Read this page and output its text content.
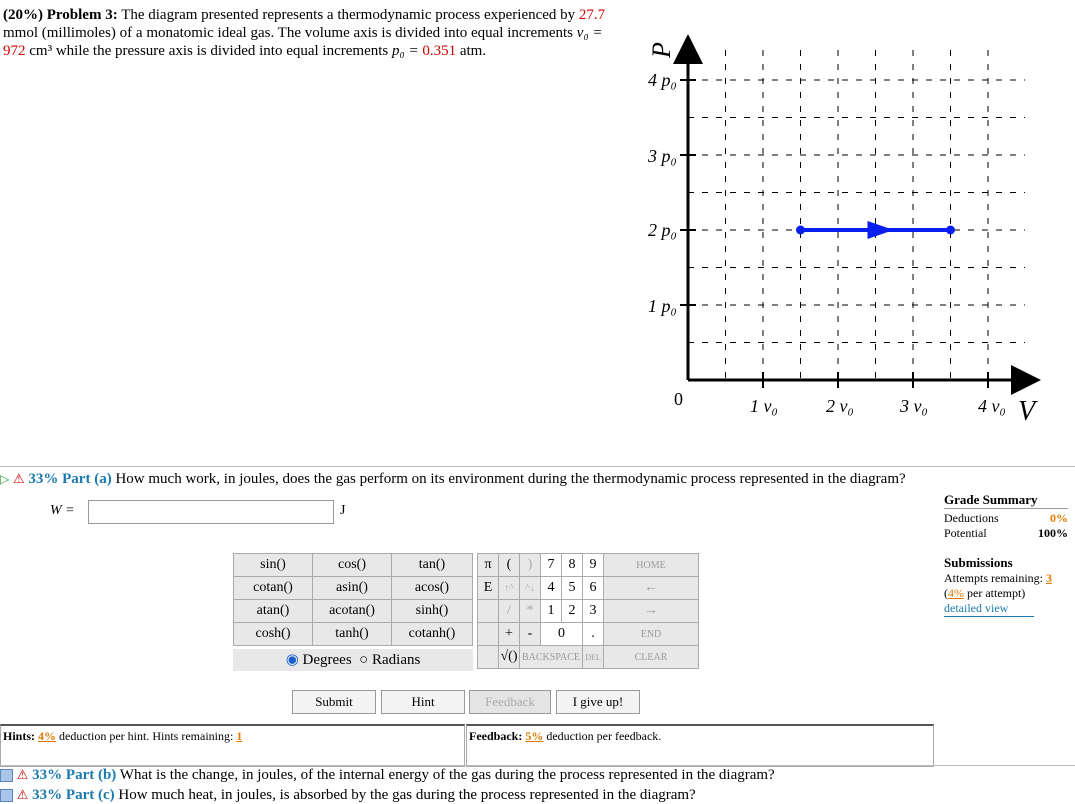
(20%) Problem 3: The diagram presented represents a thermodynamic process experienced by 27.7 mmol (millimoles) of a monatomic ideal gas. The volume axis is divided into equal increments v₀ = 972 cm³ while the pressure axis is divided into equal increments p₀ = 0.351 atm.	P
V
4 p₀
3 p₀
2 p₀
1 p₀
0	1 v₀	2 v₀	3 v₀	4 v₀
▷ ⚠ 33% Part (a) How much work, in joules, does the gas perform on its environment during the thermodynamic process represented in the diagram?
W =	J
sin()	cos()	tan()
cotan()	asin()	acos()
atan()	acotan()	sinh()
cosh()	tanh()	cotanh()
◉ Degrees ○ Radians
π	(	)	7	8	9	HOME
E	↑^	^↓	4	5	6	←
	/	*	1	2	3	→
	+	-	0		.	END
	√()	BACKSPACE			DEL	CLEAR
Grade Summary
Deductions	0%
Potential	100%
Submissions
Attempts remaining: 3
(4% per attempt)
detailed view
Submit	Hint	Feedback	I give up!
Hints: 4% deduction per hint. Hints remaining: 1	Feedback: 5% deduction per feedback.
⚠ 33% Part (b) What is the change, in joules, of the internal energy of the gas during the process represented in the diagram?
⚠ 33% Part (c) How much heat, in joules, is absorbed by the gas during the process represented in the diagram?
